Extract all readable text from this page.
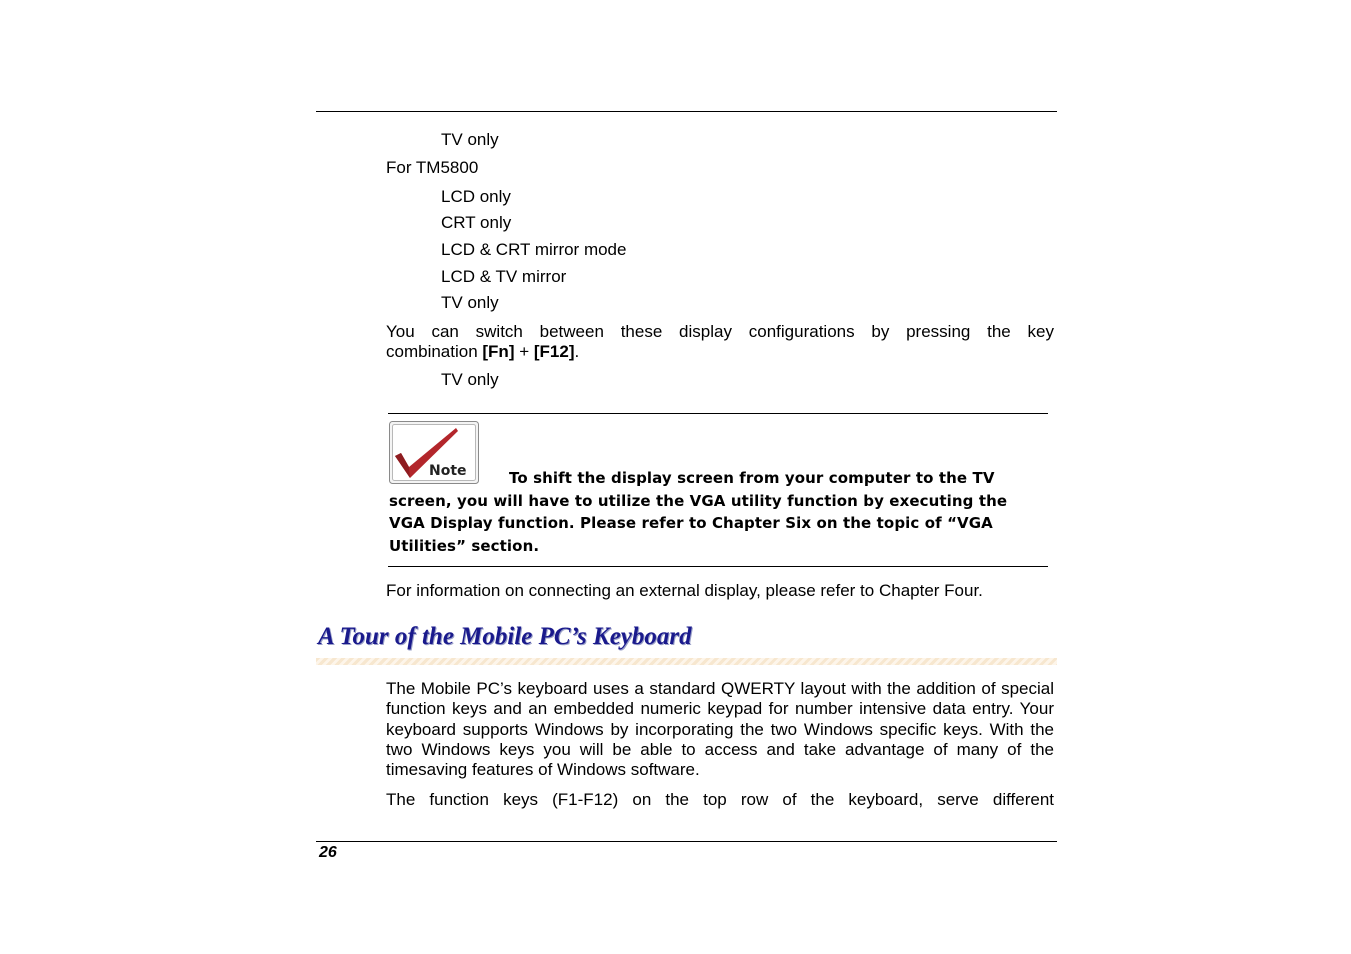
TV only
For TM5800
LCD only
CRT only
LCD & CRT mirror mode
LCD & TV mirror
TV only
You can switch between these display configurations by pressing the key
combination [Fn] + [F12].
TV only
Note	To shift the display screen from your computer to the TV
screen, you will have to utilize the VGA utility function by executing the
VGA Display function. Please refer to Chapter Six on the topic of “VGA
Utilities” section.
For information on connecting an external display, please refer to Chapter Four.
A Tour of the Mobile PC’s Keyboard
The Mobile PC’s keyboard uses a standard QWERTY layout with the addition of special function keys and an embedded numeric keypad for number intensive data entry. Your keyboard supports Windows by incorporating the two Windows specific keys. With the two Windows keys you will be able to access and take advantage of many of the timesaving features of Windows software.
The function keys (F1-F12) on the top row of the keyboard, serve different
26
